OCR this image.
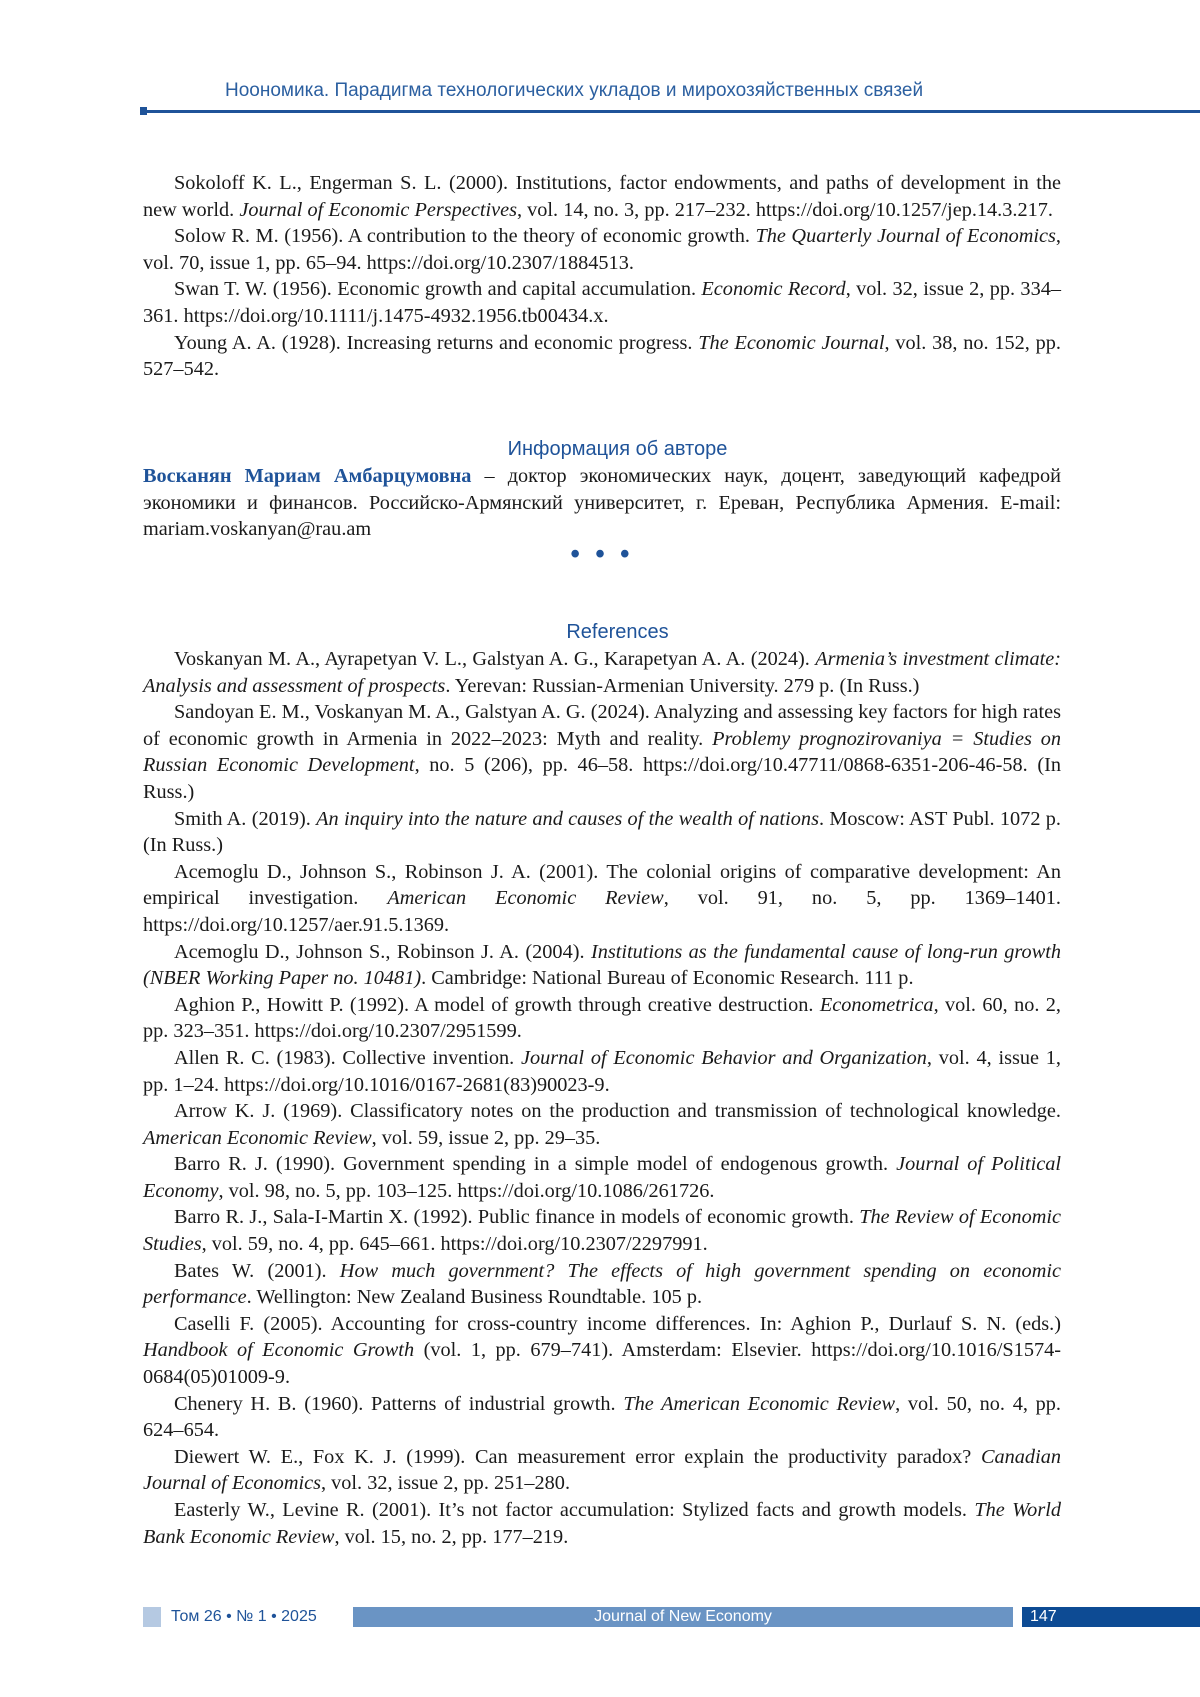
Ноономика. Парадигма технологических укладов и мирохозяйственных связей

Sokoloff K. L., Engerman S. L. (2000). Institutions, factor endowments, and paths of development in the new world. Journal of Economic Perspectives, vol. 14, no. 3, pp. 217–232. https://doi.org/10.1257/jep.14.3.217.

Solow R. M. (1956). A contribution to the theory of economic growth. The Quarterly Journal of Economics, vol. 70, issue 1, pp. 65–94. https://doi.org/10.2307/1884513.

Swan T. W. (1956). Economic growth and capital accumulation. Economic Record, vol. 32, issue 2, pp. 334–361. https://doi.org/10.1111/j.1475-4932.1956.tb00434.x.

Young A. A. (1928). Increasing returns and economic progress. The Economic Journal, vol. 38, no. 152, pp. 527–542.

Информация об авторе

Восканян Мариам Амбарцумовна – доктор экономических наук, доцент, заведующий кафедрой экономики и финансов. Российско-Армянский университет, г. Ереван, Республика Армения. E-mail: mariam.voskanyan@rau.am

• • •

References

Voskanyan M. A., Ayrapetyan V. L., Galstyan A. G., Karapetyan A. A. (2024). Armenia’s investment climate: Analysis and assessment of prospects. Yerevan: Russian-Armenian University. 279 p. (In Russ.)

Sandoyan E. M., Voskanyan M. A., Galstyan A. G. (2024). Analyzing and assessing key factors for high rates of economic growth in Armenia in 2022–2023: Myth and reality. Problemy prognozirovaniya = Studies on Russian Economic Development, no. 5 (206), pp. 46–58. https://doi.org/10.47711/0868-6351-206-46-58. (In Russ.)

Smith A. (2019). An inquiry into the nature and causes of the wealth of nations. Moscow: AST Publ. 1072 p. (In Russ.)

Acemoglu D., Johnson S., Robinson J. A. (2001). The colonial origins of comparative development: An empirical investigation. American Economic Review, vol. 91, no. 5, pp. 1369–1401. https://doi.org/10.1257/aer.91.5.1369.

Acemoglu D., Johnson S., Robinson J. A. (2004). Institutions as the fundamental cause of long-run growth (NBER Working Paper no. 10481). Cambridge: National Bureau of Economic Research. 111 p.

Aghion P., Howitt P. (1992). A model of growth through creative destruction. Econometrica, vol. 60, no. 2, pp. 323–351. https://doi.org/10.2307/2951599.

Allen R. C. (1983). Collective invention. Journal of Economic Behavior and Organization, vol. 4, issue 1, pp. 1–24. https://doi.org/10.1016/0167-2681(83)90023-9.

Arrow K. J. (1969). Classificatory notes on the production and transmission of technological knowledge. American Economic Review, vol. 59, issue 2, pp. 29–35.

Barro R. J. (1990). Government spending in a simple model of endogenous growth. Journal of Political Economy, vol. 98, no. 5, pp. 103–125. https://doi.org/10.1086/261726.

Barro R. J., Sala-I-Martin X. (1992). Public finance in models of economic growth. The Review of Economic Studies, vol. 59, no. 4, pp. 645–661. https://doi.org/10.2307/2297991.

Bates W. (2001). How much government? The effects of high government spending on economic performance. Wellington: New Zealand Business Roundtable. 105 p.

Caselli F. (2005). Accounting for cross-country income differences. In: Aghion P., Durlauf S. N. (eds.) Handbook of Economic Growth (vol. 1, pp. 679–741). Amsterdam: Elsevier. https://doi.org/10.1016/S1574-0684(05)01009-9.

Chenery H. B. (1960). Patterns of industrial growth. The American Economic Review, vol. 50, no. 4, pp. 624–654.

Diewert W. E., Fox K. J. (1999). Can measurement error explain the productivity paradox? Canadian Journal of Economics, vol. 32, issue 2, pp. 251–280.

Easterly W., Levine R. (2001). It’s not factor accumulation: Stylized facts and growth models. The World Bank Economic Review, vol. 15, no. 2, pp. 177–219.

Том 26 • № 1 • 2025	Journal of New Economy	147
